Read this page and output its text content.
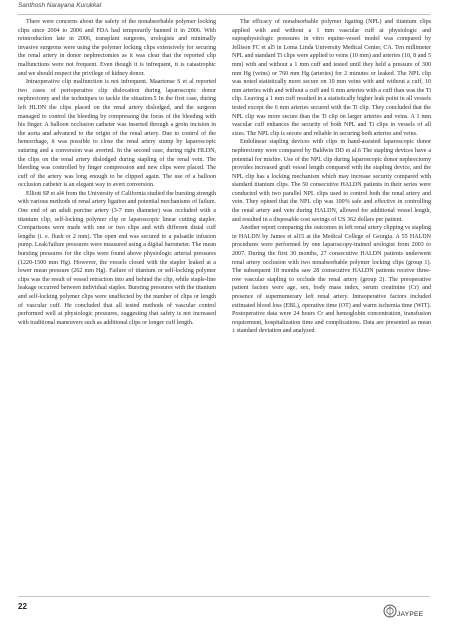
Santhosh Narayana Kurukkal

There were concerns about the safety of the nonabsorbable polymer locking clips since 2004 to 2006 and FDA had temporarily banned it in 2006. With reintroduction late in 2006, transplant surgeons, urologists and minimally invasive surgeons were using the polymer locking clips extensively for securing the renal artery in donor nephrectomies as it was clear that the reported clip malfunctions were not frequent. Even though it is infrequent, it is catastrophic and we should respect the privilege of kidney donor.

Intraoperative clip malfunction is not infrequent. Maartense S et al reported two cases of perioperative clip dislocation during laparoscopic donor nephrectomy and the techniques to tackle the situation.5 In the first case, during left HLDN the clips placed on the renal artery dislodged, and the surgeon managed to control the bleeding by compressing the focus of the bleeding with his finger. A balloon occlusion catheter was inserted through a groin incision in the aorta and advanced to the origin of the renal artery. Due to control of the hemorrhage, it was possible to close the renal artery stump by laparoscopic suturing and a conversion was averted. In the second case, during right HLDN, the clips on the renal artery dislodged during stapling of the renal vein. The bleeding was controlled by finger compression and new clips were placed. The cuff of the artery was long enough to be clipped again. The use of a balloon occlusion catheter is an elegant way to avert conversion.

Elliott SP et al4 from the University of California studied the bursting strength with various methods of renal artery ligation and potential mechanisms of failure. One end of an adult porcine artery (3-7 mm diameter) was occluded with a titanium clip, self-locking polymer clip or laparoscopic linear cutting stapler. Comparisons were made with one or two clips and with different distal cuff lengths (i. e. flush or 2 mm). The open end was secured to a pulsatile infusion pump. Leak/failure pressures were measured using a digital barometer. The mean bursting pressures for the clips were found above physiologic arterial pressures (1220-1500 mm Hg). However, the vessels closed with the stapler leaked at a lower mean pressure (262 mm Hg). Failure of titanium or self-locking polymer clips was the result of vessel retraction into and behind the clip, while staple-line leakage occurred between individual staples. Bursting pressures with the titanium and self-locking polymer clips were unaffected by the number of clips or length of vascular cuff. He concluded that all tested methods of vascular control performed well at physiologic pressures, suggesting that safety is not increased with traditional maneuvers such as additional clips or longer cuff length.

The efficacy of nonabsorbable polymer ligating (NPL) and titanium clips applied with and without a 1 mm vascular cuff at physiologic and supraphysiologic pressures in vitro equine-vessel model was compared by Jellison FC et al5 in Loma Linda University Medical Center, CA. Ten millimeter NPL and standard Ti clips were applied to veins (10 mm) and arteries (10, 8 and 5 mm) with and without a 1 mm cuff and tested until they held a pressure of 300 mm Hg (veins) or 760 mm Hg (arteries) for 2 minutes or leaked. The NPL clip was noted statistically more secure on 10 mm veins with and without a cuff, 10 mm arteries with and without a cuff and 6 mm arteries with a cuff than was the Ti clip. Leaving a 1 mm cuff resulted in a statistically higher leak point in all vessels tested except the 6 mm arteries secured with the Ti clip. They concluded that the NPL clip was more secure than the Ti clip on larger arteries and veins. A 1 mm vascular cuff enhances the security of both NPL and Ti clips in vessels of all sizes. The NPL clip is secure and reliable in securing both arteries and veins.

Endolinear stapling devices with clips in hand-assisted laparoscopic donor nephrectomy were compared by Baldwin DD et al.6 The stapling devices have a potential for misfire. Use of the NPL clip during laparoscopic donor nephrectomy provides increased graft vessel length compared with the stapling device, and the NPL clip has a locking mechanism which may increase security compared with standard titanium clips. The 50 consecutive HALDN patients in their series were conducted with two parallel NPL clips used to control both the renal artery and vein. They opined that the NPL clip was 100% safe and effective in controlling the renal artery and vein during HALDN, allowed for additional vessel length, and resulted in a disposable cost savings of US 362 dollars per patient.

Another report comparing the outcomes in left renal artery clipping vs stapling in HALDN by James et al15 at the Medical College of Georgia. A 55 HALDN procedures were performed by one laparoscopy-trained urologist from 2003 to 2007. During the first 30 months, 27 consecutive HALDN patients underwent renal artery occlusion with two nonabsorbable polymer locking clips (group 1). The subsequent 18 months saw 28 consecutive HALDN patients receive three-row vascular stapling to occlude the renal artery (group 2). The preoperative patient factors were age, sex, body mass index, serum creatinine (Cr) and presence of supernumerary left renal artery. Intraoperative factors included estimated blood loss (EBL), operative time (OT) and warm ischemia time (WIT). Postoperative data were 24 hours Cr and hemoglobin concentration, transfusion requirement, hospitalization time and complications. Data are presented as mean ± standard deviation and analyzed

22
JAYPEE
